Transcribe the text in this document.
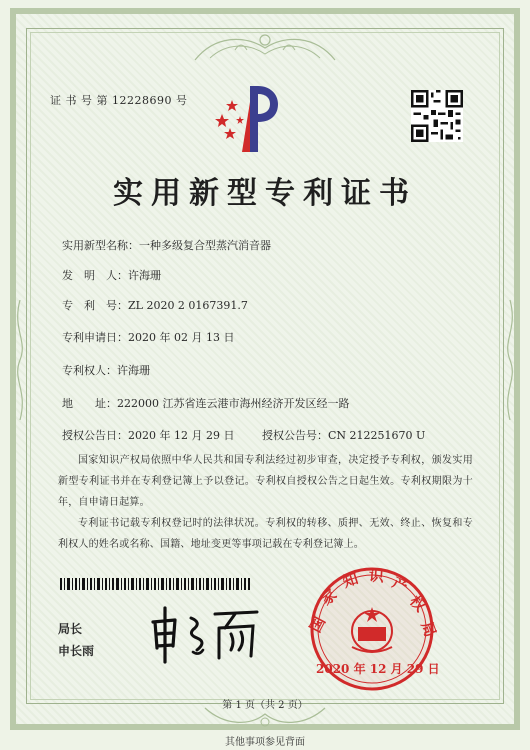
证 书 号 第 12228690 号
实用新型专利证书
实用新型名称：一种多级复合型蒸汽消音器
发　明　人：许海珊
专　利　号：ZL 2020 2 0167391.7
专利申请日：2020 年 02 月 13 日
专利权人：许海珊
地　　址：222000 江苏省连云港市海州经济开发区经一路
授权公告日：2020 年 12 月 29 日	授权公告号：CN 212251670 U
国家知识产权局依照中华人民共和国专利法经过初步审查，决定授予专利权，颁发实用新型专利证书并在专利登记簿上予以登记。专利权自授权公告之日起生效。专利权期限为十年，自申请日起算。
专利证书记载专利权登记时的法律状况。专利权的转移、质押、无效、终止、恢复和专利权人的姓名或名称、国籍、地址变更等事项记载在专利登记簿上。
局长
申长雨
国
家
知 识 产
权
局
2020 年 12 月 29 日
第 1 页（共 2 页）
其他事项参见背面
